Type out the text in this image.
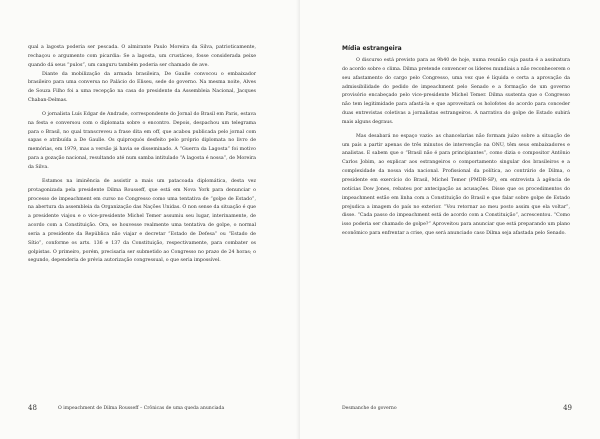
qual a lagosta poderia ser pescada. O almirante Paulo Moreira da Silva, patrioticamente, rechaçou o argumento com picardia: Se a lagosta, um crustáceo, fosse considerada peixe quando dá seus “pulos”, um canguru também poderia ser chamado de ave.

Diante da mobilização da armada brasileira, De Gaulle convocou o embaixador brasileiro para uma conversa no Palácio do Eliseu, sede do governo. Na mesma noite, Alves de Souza Filho foi a uma recepção na casa do presidente da Assembleia Nacional, Jacques Chaban-Delmas.

O jornalista Luís Edgar de Andrade, correspondente do Jornal do Brasil em Paris, estava na festa e conversou com o diplomata sobre o encontro. Depois, despachou um telegrama para o Brasil, no qual transcreveu a frase dita em off, que acabou publicada pelo jornal com sapas e atribuída a De Gaulle. Os quiproquós desfeito pelo próprio diplomata no livro de memórias, em 1979, mas a versão já havia se disseminado. A “Guerra da Lagosta” foi motivo para a gozação nacional, resultando até num samba intitulado “A lagosta é nossa”, de Moreira da Silva.

Estamos na iminência de assistir a mais um patacoada diplomática, desta vez protagonizada pela presidente Dilma Rousseff, que está em Nova York para denunciar o processo de impeachment em curso no Congresso como uma tentativa de “golpe de Estado”, na abertura da assembleia da Organização das Nações Unidas. O non sense da situação é que a presidente viajou e o vice-presidente Michel Temer assumiu seu lugar, interinamente, de acordo com a Constituição. Ora, se houvesse realmente uma tentativa de golpe, o normal seria a presidente da República não viajar e decretar “Estado de Defesa” ou “Estado de Sítio”, conforme os arts. 136 e 137 da Constituição, respectivamente, para combater os golpistas. O primeiro, porém, precisaria ser submetido ao Congresso no prazo de 24 horas; o segundo, dependeria de prévia autorização congressual, o que seria impossível.

48	O impeachment de Dilma Rousseff – Crônicas de uma queda anunciada
Mídia estrangeira

O discurso está previsto para as 9h40 de hoje, numa reunião cuja pauta é a assinatura do acordo sobre o clima. Dilma pretende convencer os líderes mundiais a não reconhecerem o seu afastamento do cargo pelo Congresso, uma vez que é líquida e certa a aprovação da admissibilidade do pedido de impeachment pelo Senado e a formação de um governo provisório encabeçado pelo vice-presidente Michel Temer. Dilma sustenta que o Congresso não tem legitimidade para afastá-la e que aproveitará os holofotes do acordo para conceder duas entrevistas coletivas a jornalistas estrangeiros. A narrativa do golpe de Estado subirá mais alguns degraus.

Mas desabará no espaço vazio: as chancelarias não formam juízo sobre a situação de um país a partir apenas de três minutos de intervenção na ONU, têm seus embaixadores e analistas. E sabem que o “Brasil não é para principiantes”, como dizia o compositor Antônio Carlos Jobim, ao explicar aos estrangeiros o comportamento singular dos brasileiros e a complexidade da nossa vida nacional. Profissional da política, ao contrário de Dilma, o presidente em exercício do Brasil, Michel Temer (PMDB-SP), em entrevista à agência de notícias Dow Jones, rebateu por antecipação as acusações. Disse que os procedimentos do impeachment estão em linha com a Constituição do Brasil e que falar sobre golpe de Estado prejudica a imagem do país no exterior. “Vou retornar ao meu posto assim que ela voltar”, disse. “Cada passo do impeachment está de acordo com a Constituição”, acrescentou. “Como isso poderia ser chamado de golpe?” Aproveitou para anunciar que está preparando um plano econômico para enfrentar a crise, que será anunciado caso Dilma seja afastada pelo Senado.

Desmanche do governo	49
